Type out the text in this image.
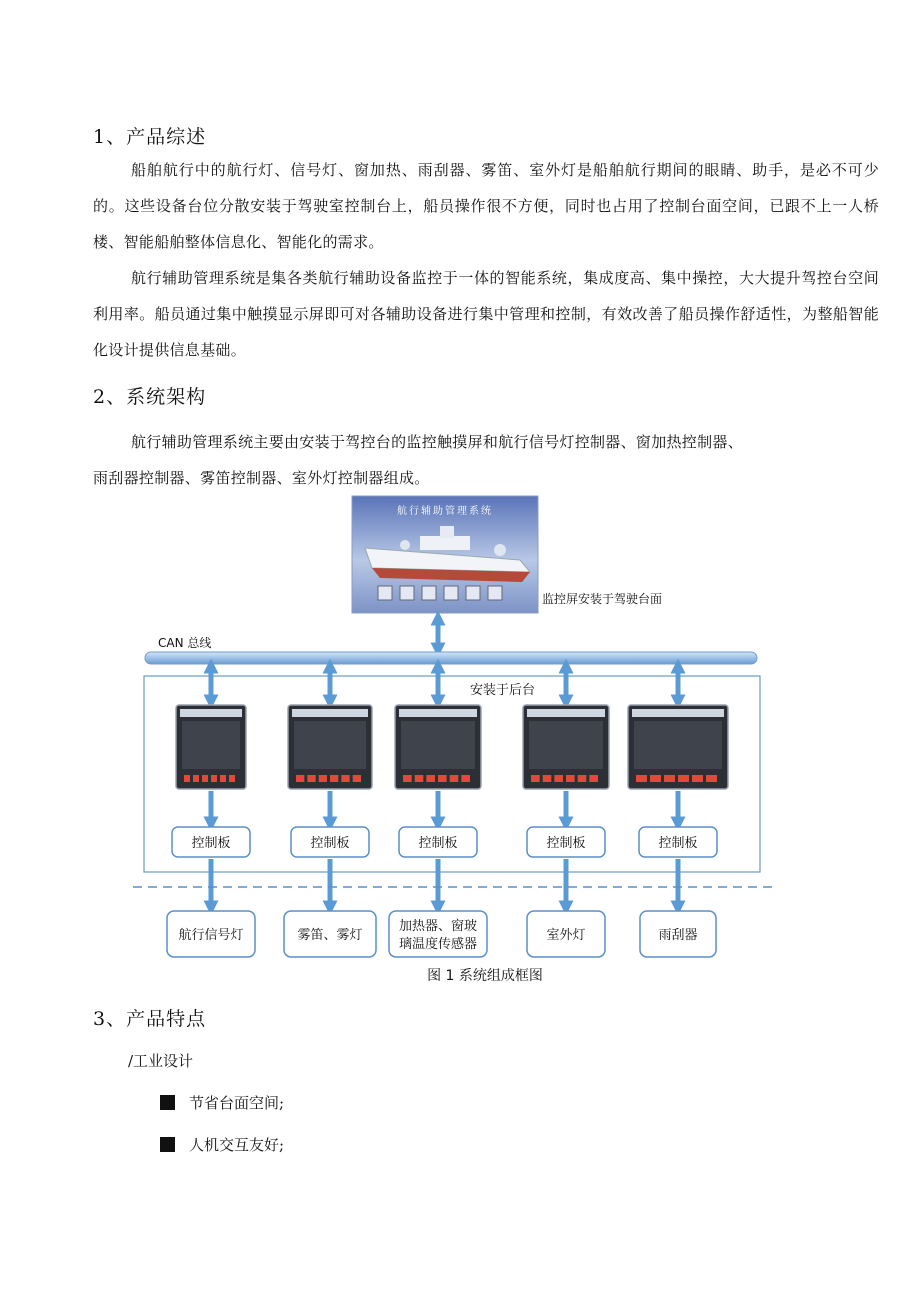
1、产品综述

船舶航行中的航行灯、信号灯、窗加热、雨刮器、雾笛、室外灯是船舶航行期间的眼睛、助手，是必不可少的。这些设备台位分散安装于驾驶室控制台上，船员操作很不方便，同时也占用了控制台面空间，已跟不上一人桥楼、智能船舶整体信息化、智能化的需求。

航行辅助管理系统是集各类航行辅助设备监控于一体的智能系统，集成度高、集中操控，大大提升驾控台空间利用率。船员通过集中触摸显示屏即可对各辅助设备进行集中管理和控制，有效改善了船员操作舒适性，为整船智能化设计提供信息基础。

2、系统架构
航行辅助管理系统主要由安装于驾控台的监控触摸屏和航行信号灯控制器、窗加热控制器、
雨刮器控制器、雾笛控制器、室外灯控制器组成。
航行辅助管理系统
监控屏安装于驾驶台面
CAN 总线
安装于后台
控制板
航行信号灯
控制板
雾笛、雾灯
控制板
加热器、窗玻
璃温度传感器
控制板
室外灯
控制板
雨刮器
图 1 系统组成框图
3、产品特点
/工业设计
节省台面空间;
人机交互友好;
